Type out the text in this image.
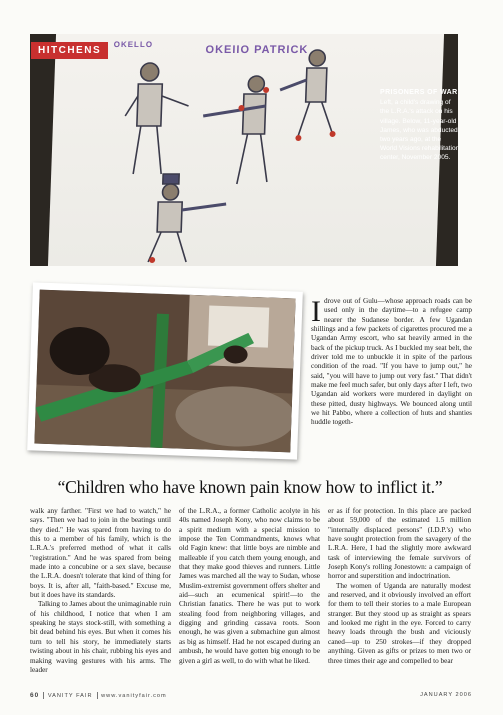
OKELLO	OKEIIO PATRICK
HITCHENS
PRISONERS OF WAR
Left, a child's drawing of the L.R.A.'s attack on his village. Below, 11-year-old James, who was abducted two years ago, at the World Visions rehabilitation center, November 2005.

Idrove out of Gulu—whose approach roads can be used only in the daytime—to a refugee camp nearer the Sudanese border. A few Ugandan shillings and a few packets of cigarettes procured me a Ugandan Army escort, who sat heavily armed in the back of the pickup truck. As I buckled my seat belt, the driver told me to unbuckle it in spite of the parlous condition of the road. "If you have to jump out," he said, "you will have to jump out very fast." That didn't make me feel much safer, but only days after I left, two Ugandan aid workers were murdered in daylight on these pitted, dusty highways. We bounced along until we hit Pabbo, where a collection of huts and shanties huddle togeth-

“Children who have known pain know how to inflict it.”

walk any farther. "First we had to watch," he says. "Then we had to join in the beatings until they died." He was spared from having to do this to a member of his family, which is the L.R.A.'s preferred method of what it calls "registration." And he was spared from being made into a concubine or a sex slave, because the L.R.A. doesn't tolerate that kind of thing for boys. It is, after all, "faith-based." Excuse me, but it does have its standards.

Talking to James about the unimaginable ruin of his childhood, I notice that when I am speaking he stays stock-still, with something a bit dead behind his eyes. But when it comes his turn to tell his story, he immediately starts twisting about in his chair, rubbing his eyes and making waving gestures with his arms. The leader

of the L.R.A., a former Catholic acolyte in his 40s named Joseph Kony, who now claims to be a spirit medium with a special mission to impose the Ten Commandments, knows what old Fagin knew: that little boys are nimble and malleable if you catch them young enough, and that they make good thieves and runners. Little James was marched all the way to Sudan, whose Muslim-extremist government offers shelter and aid—such an ecumenical spirit!—to the Christian fanatics. There he was put to work stealing food from neighboring villages, and digging and grinding cassava roots. Soon enough, he was given a submachine gun almost as big as himself. Had he not escaped during an ambush, he would have gotten big enough to be given a girl as well, to do with what he liked.

er as if for protection. In this place are packed about 59,000 of the estimated 1.5 million "internally displaced persons" (I.D.P.'s) who have sought protection from the savagery of the L.R.A. Here, I had the slightly more awkward task of interviewing the female survivors of Joseph Kony's rolling Jonestown: a campaign of horror and superstition and indoctrination.

The women of Uganda are naturally modest and reserved, and it obviously involved an effort for them to tell their stories to a male European stranger. But they stood up as straight as spears and looked me right in the eye. Forced to carry heavy loads through the bush and viciously caned—up to 250 strokes—if they dropped anything. Given as gifts or prizes to men two or three times their age and compelled to bear

60 VANITY FAIR www.vanityfair.com	JANUARY 2006
